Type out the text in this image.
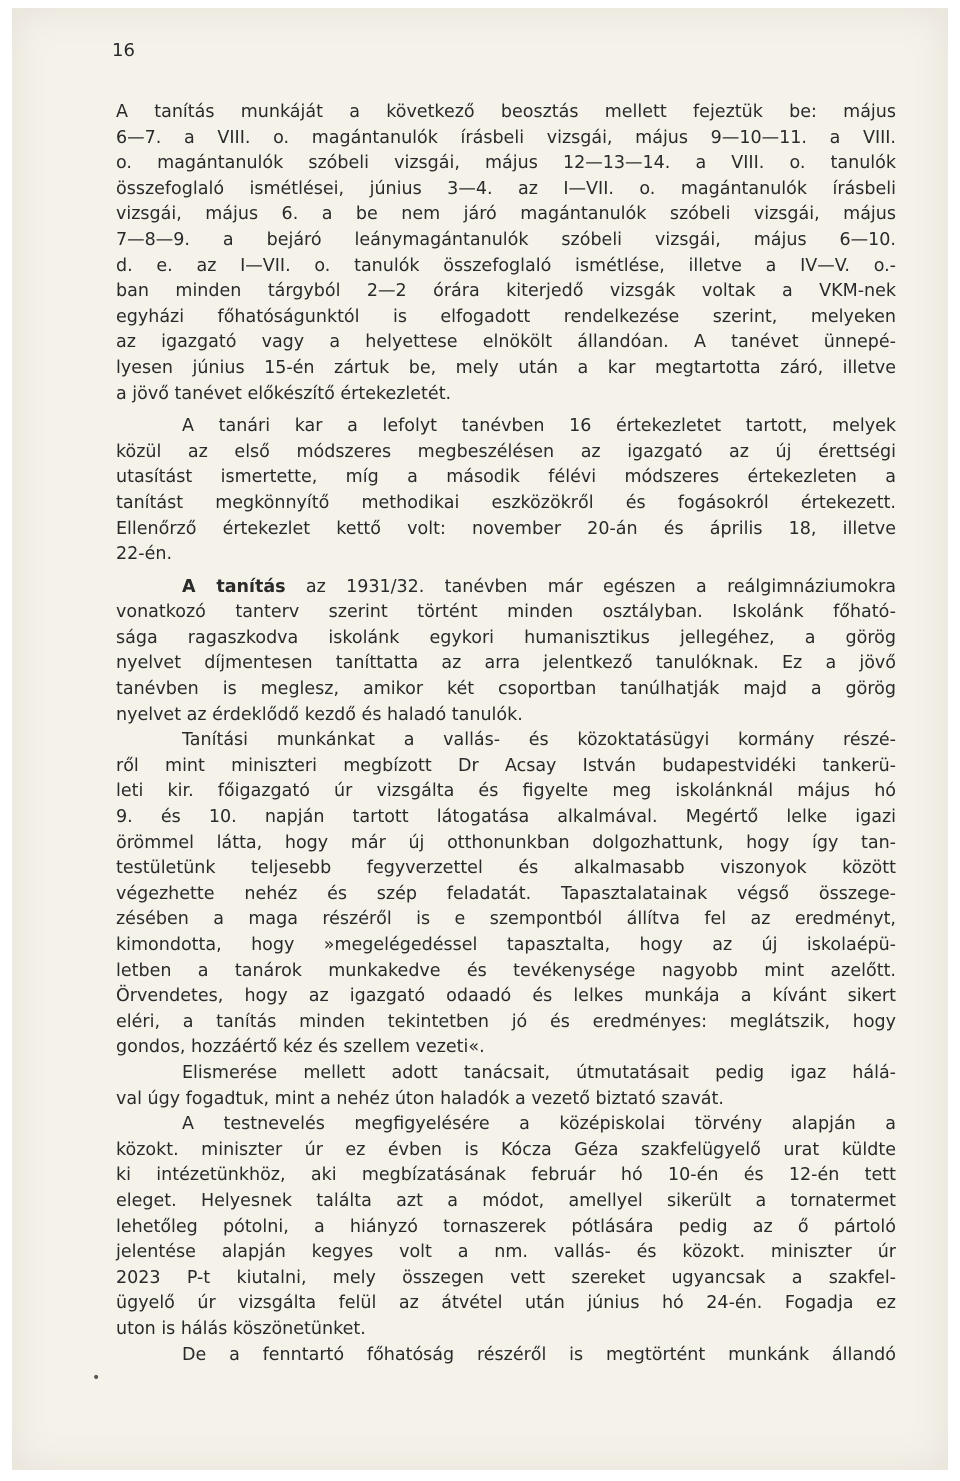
16

A tanítás munkáját a következő beosztás mellett fejeztük be: május
6—7. a VIII. o. magántanulók írásbeli vizsgái, május 9—10—11. a VIII.
o. magántanulók szóbeli vizsgái, május 12—13—14. a VIII. o. tanulók
összefoglaló ismétlései, június 3—4. az I—VII. o. magántanulók írásbeli
vizsgái, május 6. a be nem járó magántanulók szóbeli vizsgái, május
7—8—9. a bejáró leánymagántanulók szóbeli vizsgái, május 6—10.
d. e. az I—VII. o. tanulók összefoglaló ismétlése, illetve a IV—V. o.-
ban minden tárgyból 2—2 órára kiterjedő vizsgák voltak a VKM-nek
egyházi főhatóságunktól is elfogadott rendelkezése szerint, melyeken
az igazgató vagy a helyettese elnökölt állandóan. A tanévet ünnepé-
lyesen június 15-én zártuk be, mely után a kar megtartotta záró, illetve
a jövő tanévet előkészítő értekezletét.

A tanári kar a lefolyt tanévben 16 értekezletet tartott, melyek
közül az első módszeres megbeszélésen az igazgató az új érettségi
utasítást ismertette, míg a második félévi módszeres értekezleten a
tanítást megkönnyítő methodikai eszközökről és fogásokról értekezett.
Ellenőrző értekezlet kettő volt: november 20-án és április 18, illetve
22-én.

A tanítás az 1931/32. tanévben már egészen a reálgimnáziumokra
vonatkozó tanterv szerint történt minden osztályban. Iskolánk főható-
sága ragaszkodva iskolánk egykori humanisztikus jellegéhez, a görög
nyelvet díjmentesen taníttatta az arra jelentkező tanulóknak. Ez a jövő
tanévben is meglesz, amikor két csoportban tanúlhatják majd a görög
nyelvet az érdeklődő kezdő és haladó tanulók.

Tanítási munkánkat a vallás- és közoktatásügyi kormány részé-
ről mint miniszteri megbízott Dr Acsay István budapestvidéki tankerü-
leti kir. főigazgató úr vizsgálta és figyelte meg iskolánknál május hó
9. és 10. napján tartott látogatása alkalmával. Megértő lelke igazi
örömmel látta, hogy már új otthonunkban dolgozhattunk, hogy így tan-
testületünk teljesebb fegyverzettel és alkalmasabb viszonyok között
végezhette nehéz és szép feladatát. Tapasztalatainak végső összege-
zésében a maga részéről is e szempontból állítva fel az eredményt,
kimondotta, hogy »megelégedéssel tapasztalta, hogy az új iskolaépü-
letben a tanárok munkakedve és tevékenysége nagyobb mint azelőtt.
Örvendetes, hogy az igazgató odaadó és lelkes munkája a kívánt sikert
eléri, a tanítás minden tekintetben jó és eredményes: meglátszik, hogy
gondos, hozzáértő kéz és szellem vezeti«.

Elismerése mellett adott tanácsait, útmutatásait pedig igaz hálá-
val úgy fogadtuk, mint a nehéz úton haladók a vezető biztató szavát.

A testnevelés megfigyelésére a középiskolai törvény alapján a
közokt. miniszter úr ez évben is Kócza Géza szakfelügyelő urat küldte
ki intézetünkhöz, aki megbízatásának február hó 10-én és 12-én tett
eleget. Helyesnek találta azt a módot, amellyel sikerült a tornatermet
lehetőleg pótolni, a hiányzó tornaszerek pótlására pedig az ő pártoló
jelentése alapján kegyes volt a nm. vallás- és közokt. miniszter úr
2023 P-t kiutalni, mely összegen vett szereket ugyancsak a szakfel-
ügyelő úr vizsgálta felül az átvétel után június hó 24-én. Fogadja ez
uton is hálás köszönetünket.

De a fenntartó főhatóság részéről is megtörtént munkánk állandó

•
